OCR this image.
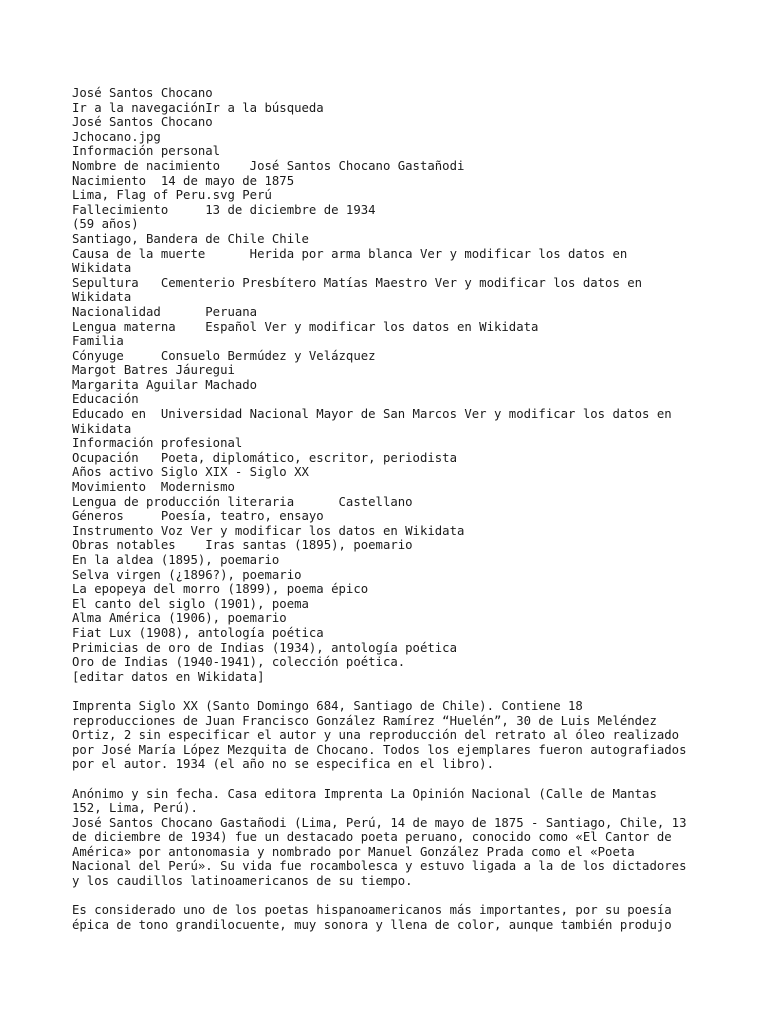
José Santos Chocano
Ir a la navegaciónIr a la búsqueda
José Santos Chocano
Jchocano.jpg
Información personal
Nombre de nacimiento    José Santos Chocano Gastañodi
Nacimiento  14 de mayo de 1875
Lima, Flag of Peru.svg Perú
Fallecimiento     13 de diciembre de 1934
(59 años)
Santiago, Bandera de Chile Chile
Causa de la muerte      Herida por arma blanca Ver y modificar los datos en
Wikidata
Sepultura   Cementerio Presbítero Matías Maestro Ver y modificar los datos en
Wikidata
Nacionalidad      Peruana
Lengua materna    Español Ver y modificar los datos en Wikidata
Familia
Cónyuge     Consuelo Bermúdez y Velázquez
Margot Batres Jáuregui
Margarita Aguilar Machado
Educación
Educado en  Universidad Nacional Mayor de San Marcos Ver y modificar los datos en
Wikidata
Información profesional
Ocupación   Poeta, diplomático, escritor, periodista
Años activo Siglo XIX - Siglo XX
Movimiento  Modernismo
Lengua de producción literaria      Castellano
Géneros     Poesía, teatro, ensayo
Instrumento Voz Ver y modificar los datos en Wikidata
Obras notables    Iras santas (1895), poemario
En la aldea (1895), poemario
Selva virgen (¿1896?), poemario
La epopeya del morro (1899), poema épico
El canto del siglo (1901), poema
Alma América (1906), poemario
Fiat Lux (1908), antología poética
Primicias de oro de Indias (1934), antología poética
Oro de Indias (1940-1941), colección poética.
[editar datos en Wikidata]
Imprenta Siglo XX (Santo Domingo 684, Santiago de Chile). Contiene 18
reproducciones de Juan Francisco González Ramírez “Huelén”, 30 de Luis Meléndez
Ortiz, 2 sin especificar el autor y una reproducción del retrato al óleo realizado
por José María López Mezquita de Chocano. Todos los ejemplares fueron autografiados
por el autor. 1934 (el año no se especifica en el libro).
Anónimo y sin fecha. Casa editora Imprenta La Opinión Nacional (Calle de Mantas
152, Lima, Perú).
José Santos Chocano Gastañodi (Lima, Perú, 14 de mayo de 1875 - Santiago, Chile, 13
de diciembre de 1934) fue un destacado poeta peruano, conocido como «El Cantor de
América» por antonomasia y nombrado por Manuel González Prada como el «Poeta
Nacional del Perú». Su vida fue rocambolesca y estuvo ligada a la de los dictadores
y los caudillos latinoamericanos de su tiempo.
Es considerado uno de los poetas hispanoamericanos más importantes, por su poesía
épica de tono grandilocuente, muy sonora y llena de color, aunque también produjo
